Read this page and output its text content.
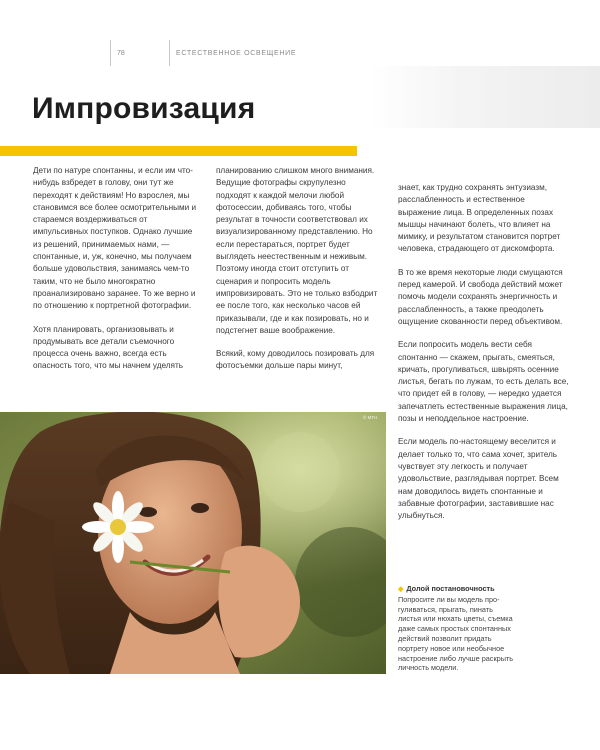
78	ЕСТЕСТВЕННОЕ ОСВЕЩЕНИЕ
Импровизация

Дети по натуре спонтанны, и если им что-нибудь взбредет в голову, они тут же переходят к действиям! Но взрослея, мы становимся все более осмотрительными и стараемся воздерживаться от импульсивных поступков. Однако лучшие из решений, принимаемых нами, — спонтанные, и, уж, конечно, мы получаем больше удовольствия, занимаясь чем-то таким, что не было многократно проанализировано заранее. То же верно и по отношению к портретной фотографии.

Хотя планировать, организовывать и продумывать все детали съемочного процесса очень важно, всегда есть опасность того, что мы начнем уделять

планированию слишком много внимания. Ведущие фотографы скрупулезно подходят к каждой мелочи любой фотосессии, добиваясь того, чтобы результат в точности соответствовал их визуализированному представлению. Но если перестараться, портрет будет выглядеть неестественным и неживым. Поэтому иногда стоит отступить от сценария и попросить модель импровизировать. Это не только взбодрит ее после того, как несколько часов ей приказывали, где и как позировать, но и подстегнет ваше воображение.

Всякий, кому доводилось позировать для фотосъемки дольше пары минут,

знает, как трудно сохранять энтузиазм, расслабленность и естественное выражение лица. В определенных позах мышцы начинают болеть, что влияет на мимику, и результатом становится портрет человека, страдающего от дискомфорта.

В то же время некоторые люди смущаются перед камерой. И свобода действий может помочь модели сохранять энергичность и расслабленность, а также преодолеть ощущение скованности перед объективом.

Если попросить модель вести себя спонтанно — скажем, прыгать, смеяться, кричать, прогуливаться, швырять осенние листья, бегать по лужам, то есть делать все, что придет ей в голову, — нередко удается запечатлеть естественные выражения лица, позы и неподдельное настроение.

Если модель по-настоящему веселится и делает только то, что сама хочет, зритель чувствует эту легкость и получает удовольствие, разглядывая портрет. Всем нам доводилось видеть спонтанные и забавные фотографии, заставившие нас улыбнуться.

© MTH
◆ Долой постановочность
Попросите ли вы модель прогуливаться, прыгать, пинать листья или нюхать цветы, съемка даже самых простых спонтанных действий позволит придать портрету новое или необычное настроение либо лучше раскрыть личность модели.
